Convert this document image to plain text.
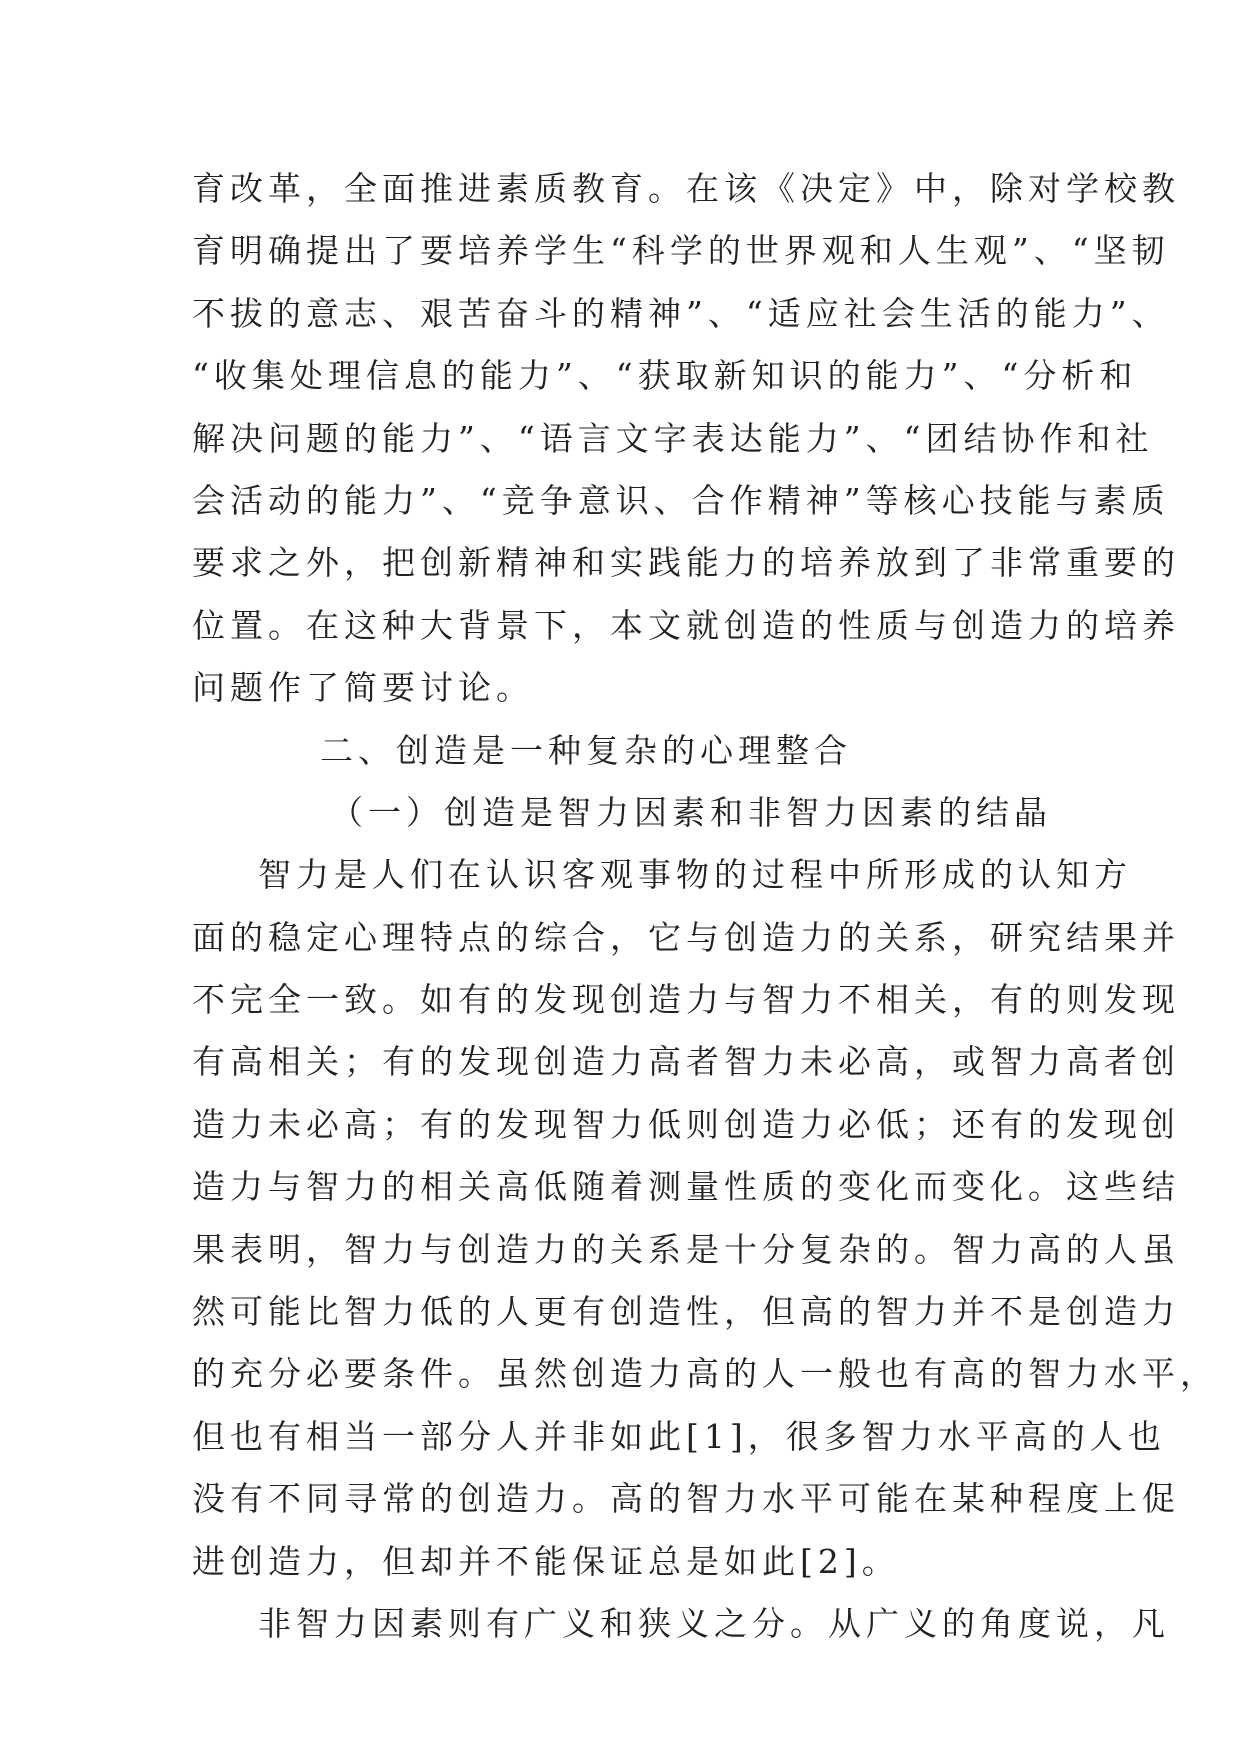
育改革，全面推进素质教育。在该《决定》中，除对学校教
育明确提出了要培养学生“科学的世界观和人生观”、“坚韧
不拔的意志、艰苦奋斗的精神”、“适应社会生活的能力”、
“收集处理信息的能力”、“获取新知识的能力”、“分析和
解决问题的能力”、“语言文字表达能力”、“团结协作和社
会活动的能力”、“竞争意识、合作精神”等核心技能与素质
要求之外，把创新精神和实践能力的培养放到了非常重要的
位置。在这种大背景下，本文就创造的性质与创造力的培养
问题作了简要讨论。
二、创造是一种复杂的心理整合
（一）创造是智力因素和非智力因素的结晶
智力是人们在认识客观事物的过程中所形成的认知方
面的稳定心理特点的综合，它与创造力的关系，研究结果并
不完全一致。如有的发现创造力与智力不相关，有的则发现
有高相关；有的发现创造力高者智力未必高，或智力高者创
造力未必高；有的发现智力低则创造力必低；还有的发现创
造力与智力的相关高低随着测量性质的变化而变化。这些结
果表明，智力与创造力的关系是十分复杂的。智力高的人虽
然可能比智力低的人更有创造性，但高的智力并不是创造力
的充分必要条件。虽然创造力高的人一般也有高的智力水平，
但也有相当一部分人并非如此[1]，很多智力水平高的人也
没有不同寻常的创造力。高的智力水平可能在某种程度上促
进创造力，但却并不能保证总是如此[2]。
非智力因素则有广义和狭义之分。从广义的角度说，凡
